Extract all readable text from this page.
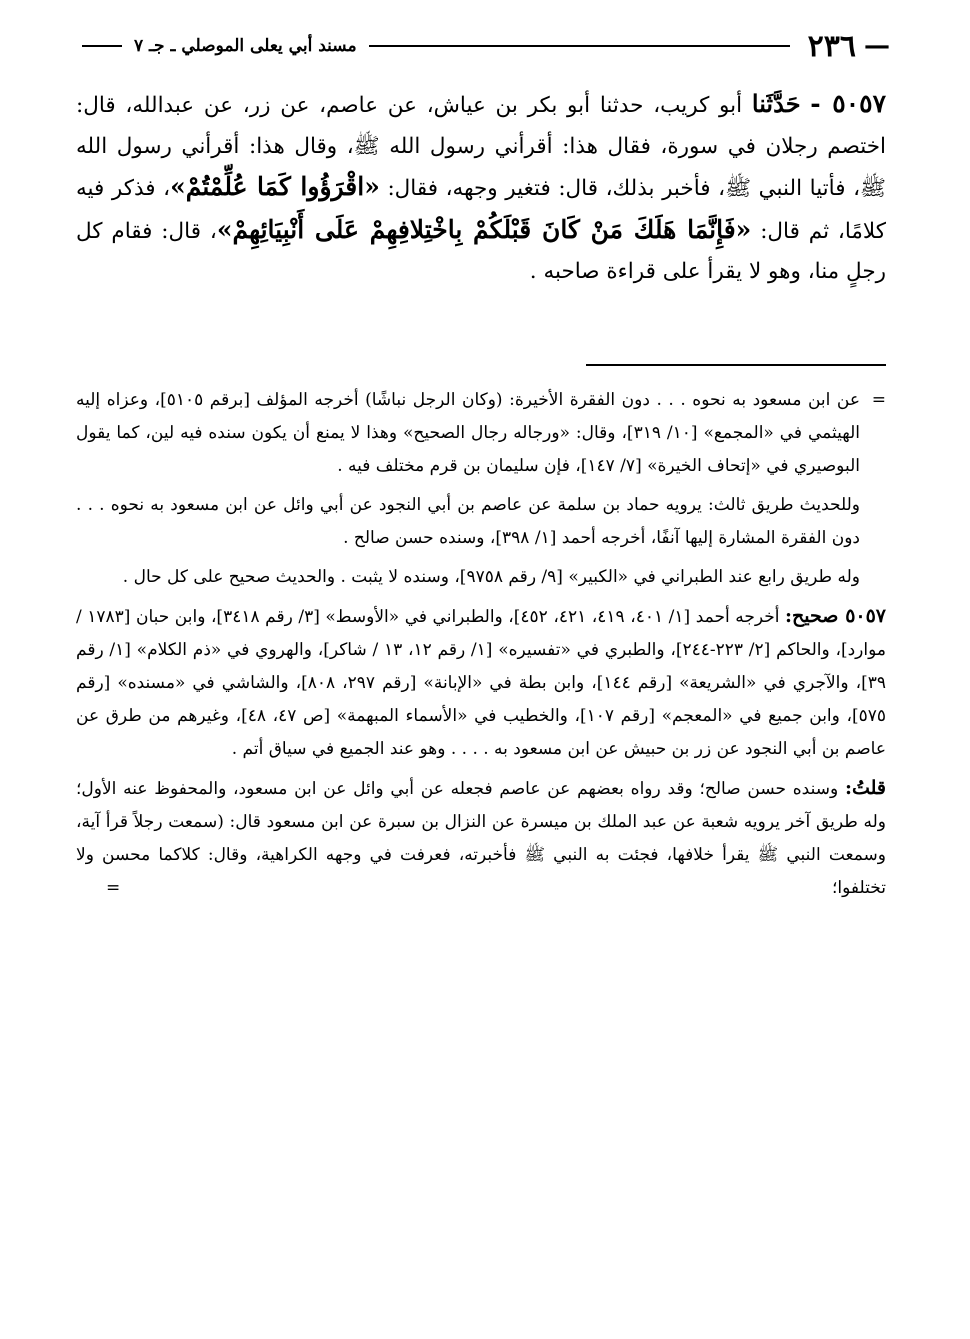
—
٢٣٦
مسند أبي يعلى الموصلي ـ جـ ٧
٥٠٥٧ - حَدَّثَنا أبو كريب، حدثنا أبو بكر بن عياش، عن عاصم، عن زر، عن عبدالله، قال: اختصم رجلان في سورة، فقال هذا: أقرأني رسول الله ﷺ، وقال هذا: أقرأني رسول الله ﷺ، فأتيا النبي ﷺ، فأخبر بذلك، قال: فتغير وجهه، فقال: «اقْرَؤُوا كَمَا عُلِّمْتُمْ»، فذكر فيه كلامًا، ثم قال: «فَإِنَّمَا هَلَكَ مَنْ كَانَ قَبْلَكُمْ بِاخْتِلافِهِمْ عَلَى أَنْبِيَائِهِمْ»، قال: فقام كل رجلٍ منا، وهو لا يقرأ على قراءة صاحبه .

=
عن ابن مسعود به نحوه . . . دون الفقرة الأخيرة: (وكان الرجل نباشًا) أخرجه المؤلف [برقم ٥١٠٥]، وعزاه إليه الهيثمي في «المجمع» [١٠/ ٣١٩]، وقال: «ورجاله رجال الصحيح» وهذا لا يمنع أن يكون سنده فيه لين، كما يقول البوصيري في «إتحاف الخيرة» [٧/ ١٤٧]، فإن سليمان بن قرم مختلف فيه .

وللحديث طريق ثالث: يرويه حماد بن سلمة عن عاصم بن أبي النجود عن أبي وائل عن ابن مسعود به نحوه . . . دون الفقرة المشارة إليها آنفًا، أخرجه أحمد [١/ ٣٩٨]، وسنده حسن صالح .

وله طريق رابع عند الطبراني في «الكبير» [٩/ رقم ٩٧٥٨]، وسنده لا يثبت . والحديث صحيح على كل حال .

٥٠٥٧ صحيح: أخرجه أحمد [١/ ٤٠١، ٤١٩، ٤٢١، ٤٥٢]، والطبراني في «الأوسط» [٣/ رقم ٣٤١٨]، وابن حبان [١٧٨٣ / موارد]، والحاكم [٢/ ٢٢٣-٢٤٤]، والطبري في «تفسيره» [١/ رقم ١٢، ١٣ / شاكر]، والهروي في «ذم الكلام» [١/ رقم ٣٩]، والآجري في «الشريعة» [رقم ١٤٤]، وابن بطة في «الإبانة» [رقم ٢٩٧، ٨٠٨]، والشاشي في «مسنده» [رقم ٥٧٥]، وابن جميع في «المعجم» [رقم ١٠٧]، والخطيب في «الأسماء المبهمة» [ص ٤٧، ٤٨]، وغيرهم من طرق عن عاصم بن أبي النجود عن زر بن حبيش عن ابن مسعود به . . . . وهو عند الجميع في سياق أتم .

قلتُ: وسنده حسن صالح؛ وقد رواه بعضهم عن عاصم فجعله عن أبي وائل عن ابن مسعود، والمحفوظ عنه الأول؛ وله طريق آخر يرويه شعبة عن عبد الملك بن ميسرة عن النزال بن سبرة عن ابن مسعود قال: (سمعت رجلاً قرأ آية، وسمعت النبي ﷺ يقرأ خلافها، فجئت به النبي ﷺ فأخبرته، فعرفت في وجهه الكراهية، وقال: كلاكما محسن ولا تختلفوا؛
=
